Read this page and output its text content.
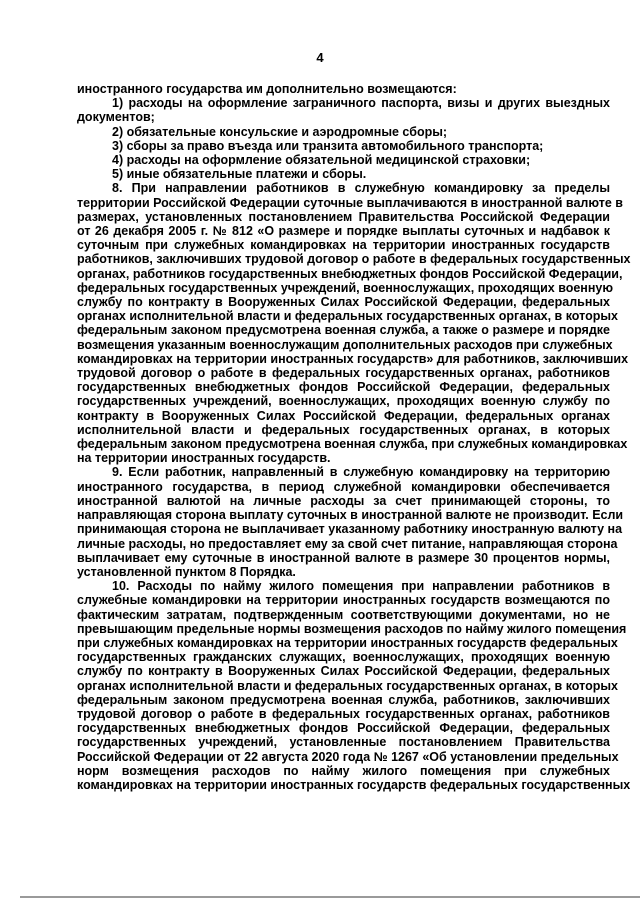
4
иностранного государства им дополнительно возмещаются:
1) расходы на оформление заграничного паспорта, визы и других выездных
документов;
2) обязательные консульские и аэродромные сборы;
3) сборы за право въезда или транзита автомобильного транспорта;
4) расходы на оформление обязательной медицинской страховки;
5) иные обязательные платежи и сборы.
8. При направлении работников в служебную командировку за пределы
территории Российской Федерации суточные выплачиваются в иностранной валюте в
размерах, установленных постановлением Правительства Российской Федерации
от 26 декабря 2005 г. № 812 «О размере и порядке выплаты суточных и надбавок к
суточным при служебных командировках на территории иностранных государств
работников, заключивших трудовой договор о работе в федеральных государственных
органах, работников государственных внебюджетных фондов Российской Федерации,
федеральных государственных учреждений, военнослужащих, проходящих военную
службу по контракту в Вооруженных Силах Российской Федерации, федеральных
органах исполнительной власти и федеральных государственных органах, в которых
федеральным законом предусмотрена военная служба, а также о размере и порядке
возмещения указанным военнослужащим дополнительных расходов при служебных
командировках на территории иностранных государств» для работников, заключивших
трудовой договор о работе в федеральных государственных органах, работников
государственных внебюджетных фондов Российской Федерации, федеральных
государственных учреждений, военнослужащих, проходящих военную службу по
контракту в Вооруженных Силах Российской Федерации, федеральных органах
исполнительной власти и федеральных государственных органах, в которых
федеральным законом предусмотрена военная служба, при служебных командировках
на территории иностранных государств.
9. Если работник, направленный в служебную командировку на территорию
иностранного государства, в период служебной командировки обеспечивается
иностранной валютой на личные расходы за счет принимающей стороны, то
направляющая сторона выплату суточных в иностранной валюте не производит. Если
принимающая сторона не выплачивает указанному работнику иностранную валюту на
личные расходы, но предоставляет ему за свой счет питание, направляющая сторона
выплачивает ему суточные в иностранной валюте в размере 30 процентов нормы,
установленной пунктом 8 Порядка.
10. Расходы по найму жилого помещения при направлении работников в
служебные командировки на территории иностранных государств возмещаются по
фактическим затратам, подтвержденным соответствующими документами, но не
превышающим предельные нормы возмещения расходов по найму жилого помещения
при служебных командировках на территории иностранных государств федеральных
государственных гражданских служащих, военнослужащих, проходящих военную
службу по контракту в Вооруженных Силах Российской Федерации, федеральных
органах исполнительной власти и федеральных государственных органах, в которых
федеральным законом предусмотрена военная служба, работников, заключивших
трудовой договор о работе в федеральных государственных органах, работников
государственных внебюджетных фондов Российской Федерации, федеральных
государственных учреждений, установленные постановлением Правительства
Российской Федерации от 22 августа 2020 года № 1267 «Об установлении предельных
норм возмещения расходов по найму жилого помещения при служебных
командировках на территории иностранных государств федеральных государственных
